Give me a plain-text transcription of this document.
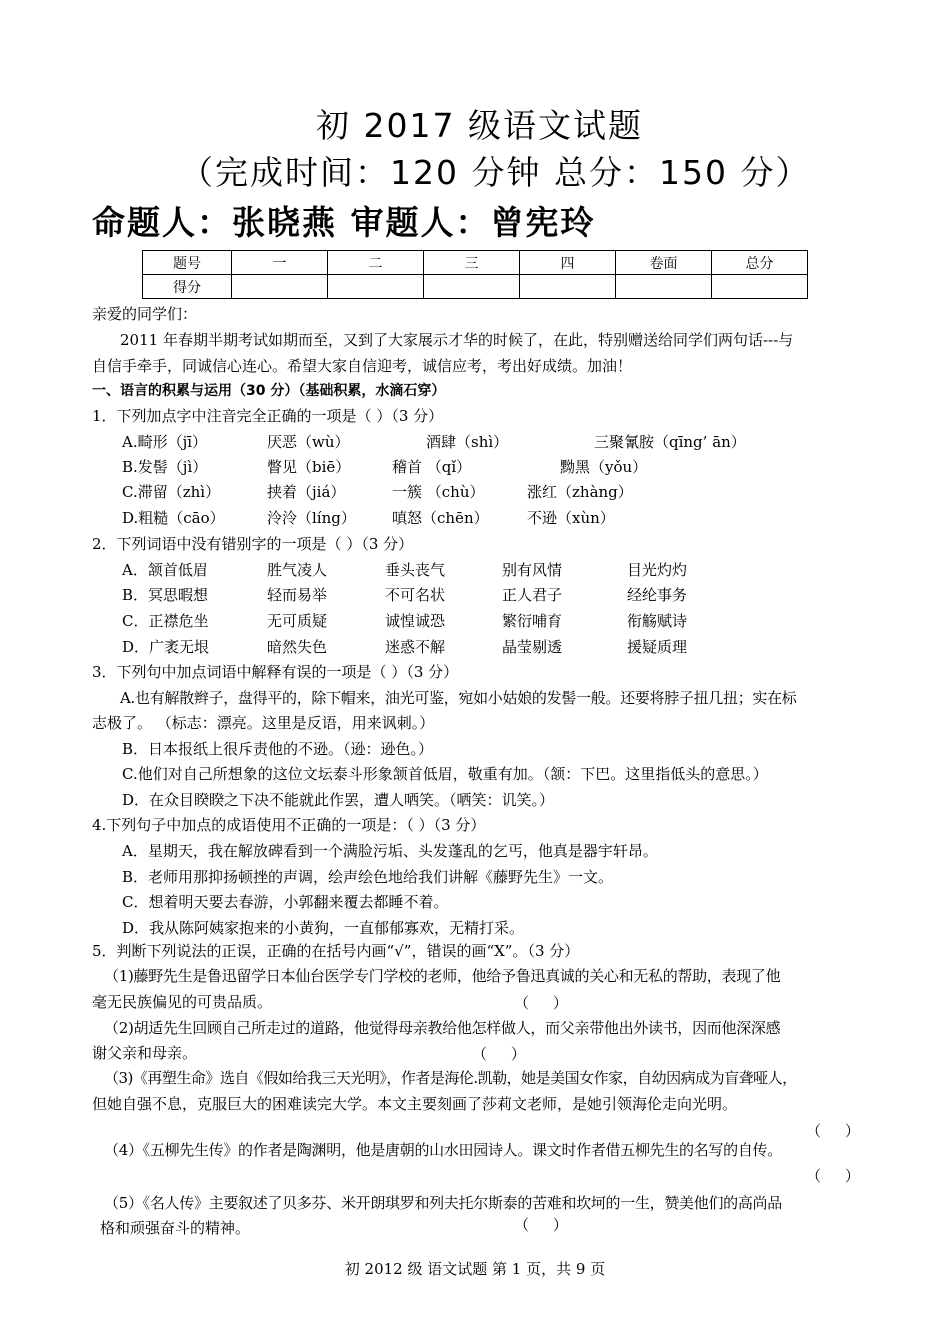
初 2017 级语文试题
（完成时间：120 分钟 总分：150 分）
命题人：张晓燕 审题人：曾宪玲
题号	一	二	三	四	卷面	总分
得分						
亲爱的同学们：
2011 年春期半期考试如期而至，又到了大家展示才华的时候了，在此，特别赠送给同学们两句话---与
自信手牵手，同诚信心连心。希望大家自信迎考，诚信应考，考出好成绩。加油！
一、语言的积累与运用（30 分）（基础积累，水滴石穿）
1．下列加点字中注音完全正确的一项是（ ）（3 分）
A.畸形（jī）	厌恶（wù）	酒肆（shì）	三聚氰胺（qīng’ ān）
B.发髻（jì）	瞥见（biē）	稽首 （qǐ）	黝黑（yǒu）
C.滞留（zhì）	挟着（jiá）	一簇 （chù）	涨红（zhàng）
D.粗糙（cāo）	泠泠（líng） 嗔怒（chēn）	不逊（xùn）
2．下列词语中没有错别字的一项是（ ）（3 分）
A．颔首低眉	胜气凌人	垂头丧气	别有风情	目光灼灼
B．冥思暇想	轻而易举	不可名状	正人君子	经纶事务
C．正襟危坐	无可质疑	诚惶诚恐	繁衍哺育	衔觞赋诗
D．广袤无垠	暗然失色	迷惑不解	晶莹剔透	援疑质理
3．下列句中加点词语中解释有误的一项是（ ）（3 分）
A.也有解散辫子，盘得平的，除下帽来，油光可鉴，宛如小姑娘的发髻一般。还要将脖子扭几扭；实在标
志极了。 （标志：漂亮。这里是反语，用来讽刺。）
B．日本报纸上很斥责他的不逊。（逊：逊色。）
C.他们对自己所想象的这位文坛泰斗形象颔首低眉，敬重有加。（颔：下巴。这里指低头的意思。）
D．在众目睽睽之下决不能就此作罢，遭人哂笑。（哂笑：讥笑。）
4.下列句子中加点的成语使用不正确的一项是：（ ）（3 分）
A．星期天，我在解放碑看到一个满脸污垢、头发蓬乱的乞丐，他真是器宇轩昂。
B．老师用那抑扬顿挫的声调，绘声绘色地给我们讲解《藤野先生》一文。
C．想着明天要去春游，小郭翻来覆去都睡不着。
D．我从陈阿姨家抱来的小黄狗，一直郁郁寡欢，无精打采。
5．判断下列说法的正误，正确的在括号内画“√”，错误的画“X”。（3 分）
（1)藤野先生是鲁迅留学日本仙台医学专门学校的老师，他给予鲁迅真诚的关心和无私的帮助，表现了他
毫无民族偏见的可贵品质。	（     ）
（2)胡适先生回顾自己所走过的道路，他觉得母亲教给他怎样做人，而父亲带他出外读书，因而他深深感
谢父亲和母亲。	（     ）
（3)《再塑生命》选自《假如给我三天光明》，作者是海伦.凯勒，她是美国女作家，自幼因病成为盲聋哑人，
但她自强不息，克服巨大的困难读完大学。本文主要刻画了莎莉文老师，是她引领海伦走向光明。
（     ）
（4）《五柳先生传》的作者是陶渊明，他是唐朝的山水田园诗人。课文时作者借五柳先生的名写的自传。
（     ）
（5）《名人传》主要叙述了贝多芬、米开朗琪罗和列夫托尔斯泰的苦难和坎坷的一生，赞美他们的高尚品
格和顽强奋斗的精神。	（     ）
初 2012 级 语文试题 第 1 页，共 9 页
